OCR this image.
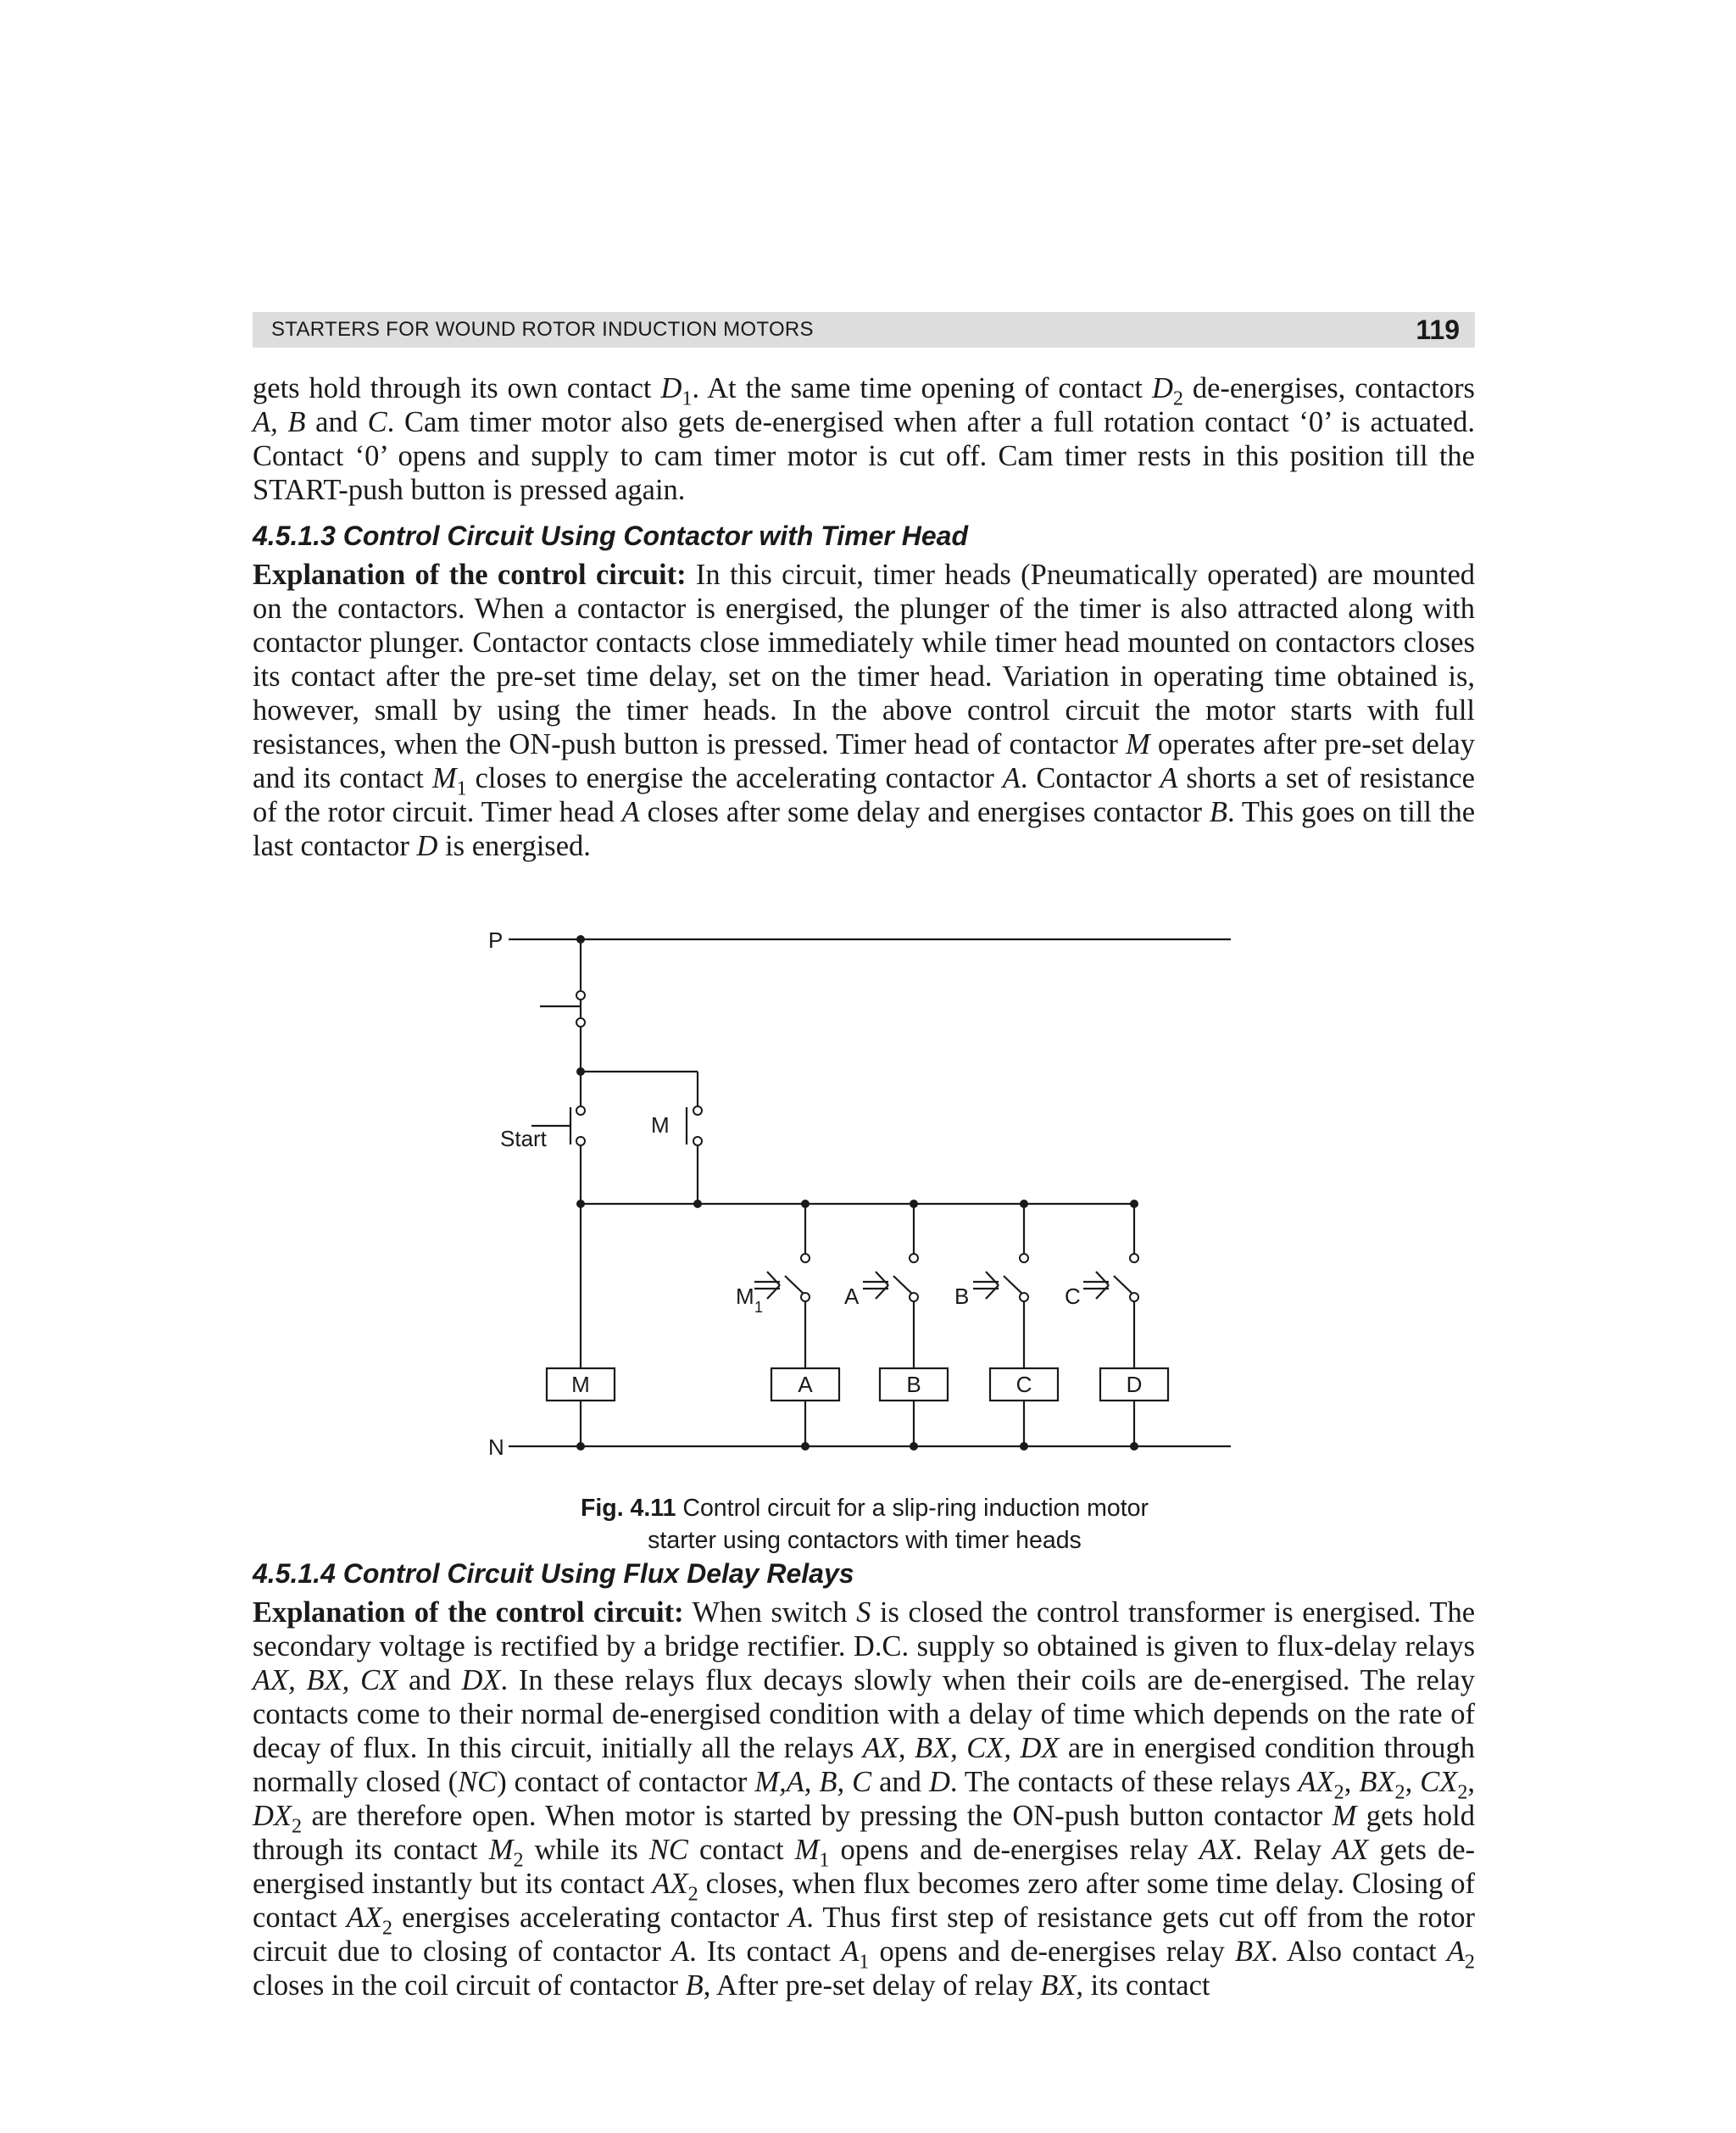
STARTERS FOR WOUND ROTOR INDUCTION MOTORS	119

gets hold through its own contact $D_1$. At the same time opening of contact $D_2$ de-energises, contactors A, B and C. Cam timer motor also gets de-energised when after a full rotation contact ‘0’ is actuated. Contact ‘0’ opens and supply to cam timer motor is cut off. Cam timer rests in this position till the START-push button is pressed again.

4.5.1.3 Control Circuit Using Contactor with Timer Head

Explanation of the control circuit: In this circuit, timer heads (Pneumatically operated) are mounted on the contactors. When a contactor is energised, the plunger of the timer is also attracted along with contactor plunger. Contactor contacts close immediately while timer head mounted on contactors closes its contact after the pre-set time delay, set on the timer head. Variation in operating time obtained is, however, small by using the timer heads. In the above control circuit the motor starts with full resistances, when the ON-push button is pressed. Timer head of contactor M operates after pre-set delay and its contact $M_1$ closes to energise the accelerating contactor A. Contactor A shorts a set of resistance of the rotor circuit. Timer head A closes after some delay and energises contactor B. This goes on till the last contactor D is energised.

A
M 1
B
A
C
B
D
C
P
N
Start
M
M
Fig. 4.11 Control circuit for a slip-ring induction motor
starter using contactors with timer heads
4.5.1.4 Control Circuit Using Flux Delay Relays

Explanation of the control circuit: When switch S is closed the control transformer is energised. The secondary voltage is rectified by a bridge rectifier. D.C. supply so obtained is given to flux-delay relays AX, BX, CX and DX. In these relays flux decays slowly when their coils are de-energised. The relay contacts come to their normal de-energised condition with a delay of time which depends on the rate of decay of flux. In this circuit, initially all the relays AX, BX, CX, DX are in energised condition through normally closed (NC) contact of contactor M,A, B, C and D. The contacts of these relays $AX_2$, $BX_2$, $CX_2$, $DX_2$ are therefore open. When motor is started by pressing the ON-push button contactor M gets hold through its contact $M_2$ while its NC contact $M_1$ opens and de-energises relay AX. Relay AX gets de-energised instantly but its contact $AX_2$ closes, when flux becomes zero after some time delay. Closing of contact $AX_2$ energises accelerating contactor A. Thus first step of resistance gets cut off from the rotor circuit due to closing of contactor A. Its contact $A_1$ opens and de-energises relay BX. Also contact $A_2$ closes in the coil circuit of contactor B, After pre-set delay of relay BX, its contact
